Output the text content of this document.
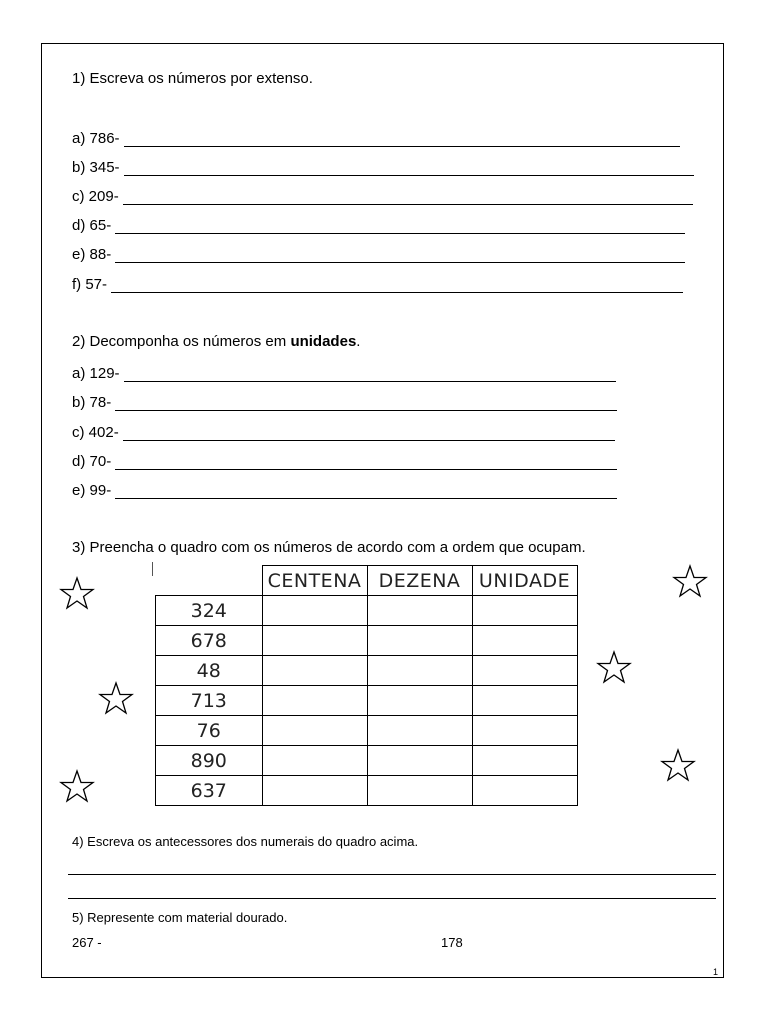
1) Escreva os números por extenso.
a) 786-
b) 345-
c) 209-
d) 65-
e) 88-
f) 57-
2) Decomponha os números em unidades.
a) 129-
b) 78-
c) 402-
d) 70-
e) 99-
3) Preencha o quadro com os números de acordo com a ordem que ocupam.
	CENTENA	DEZENA	UNIDADE
324			
678			
48			
713			
76			
890			
637			
4) Escreva os antecessores dos numerais do quadro acima.
5) Represente com material dourado.
267 -	178
1
